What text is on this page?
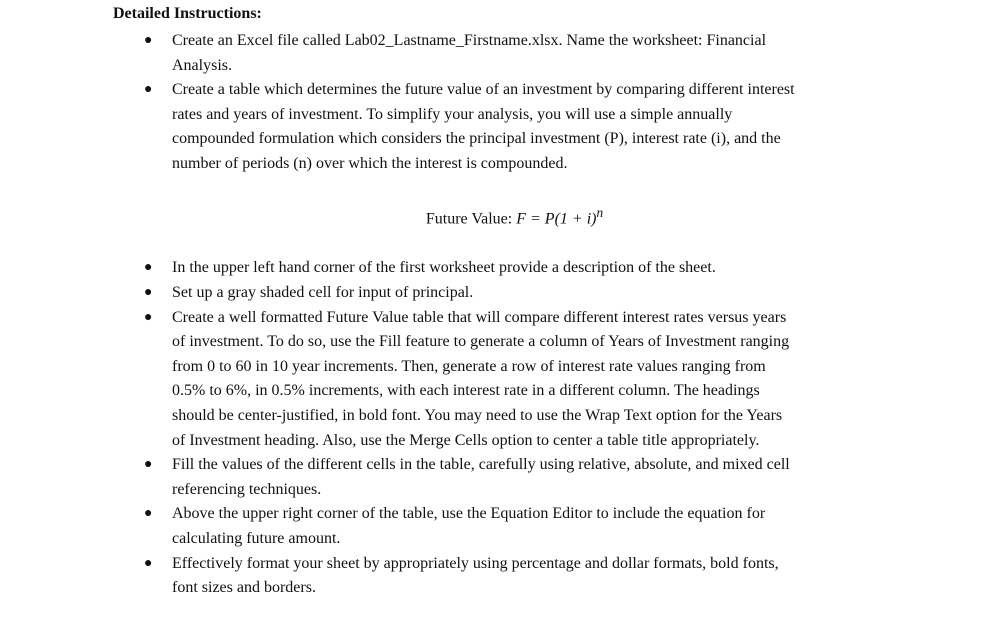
Detailed Instructions:
● Create an Excel file called Lab02_Lastname_Firstname.xlsx. Name the worksheet: Financial
Analysis.
● Create a table which determines the future value of an investment by comparing different interest
rates and years of investment. To simplify your analysis, you will use a simple annually
compounded formulation which considers the principal investment (P), interest rate (i), and the
number of periods (n) over which the interest is compounded.
Future Value: $F = P(1 + i)^n$
● In the upper left hand corner of the first worksheet provide a description of the sheet.
● Set up a gray shaded cell for input of principal.
● Create a well formatted Future Value table that will compare different interest rates versus years
of investment. To do so, use the Fill feature to generate a column of Years of Investment ranging
from 0 to 60 in 10 year increments. Then, generate a row of interest rate values ranging from
0.5% to 6%, in 0.5% increments, with each interest rate in a different column. The headings
should be center-justified, in bold font. You may need to use the Wrap Text option for the Years
of Investment heading. Also, use the Merge Cells option to center a table title appropriately.
● Fill the values of the different cells in the table, carefully using relative, absolute, and mixed cell
referencing techniques.
● Above the upper right corner of the table, use the Equation Editor to include the equation for
calculating future amount.
● Effectively format your sheet by appropriately using percentage and dollar formats, bold fonts,
font sizes and borders.
